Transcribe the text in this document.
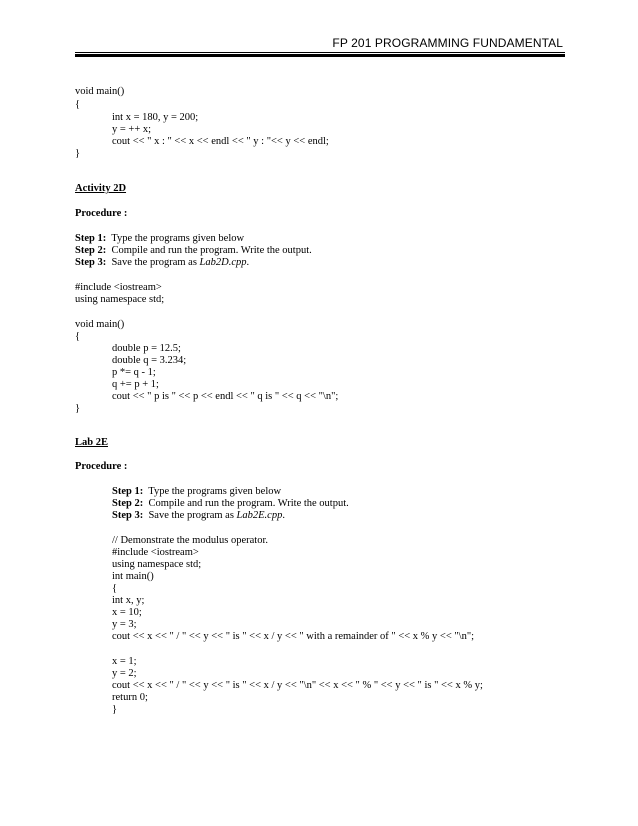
FP 201 PROGRAMMING FUNDAMENTAL
void main()
{
int x = 180, y = 200;
y = ++ x;
cout << " x : " << x << endl << " y : "<< y << endl;
}
Activity 2D
Procedure :
Step 1: Type the programs given below
Step 2: Compile and run the program. Write the output.
Step 3: Save the program as Lab2D.cpp.
#include <iostream>
using namespace std;
void main()
{
double p = 12.5;
double q = 3.234;
p *= q - 1;
q += p + 1;
cout << " p is " << p << endl << " q is " << q << "\n";
}
Lab 2E
Procedure :
Step 1: Type the programs given below
Step 2: Compile and run the program. Write the output.
Step 3: Save the program as Lab2E.cpp.
// Demonstrate the modulus operator.
#include <iostream>
using namespace std;
int main()
{
int x, y;
x = 10;
y = 3;
cout << x << " / " << y << " is " << x / y << " with a remainder of " << x % y << "\n";
x = 1;
y = 2;
cout << x << " / " << y << " is " << x / y << "\n" << x << " % " << y << " is " << x % y;
return 0;
}
